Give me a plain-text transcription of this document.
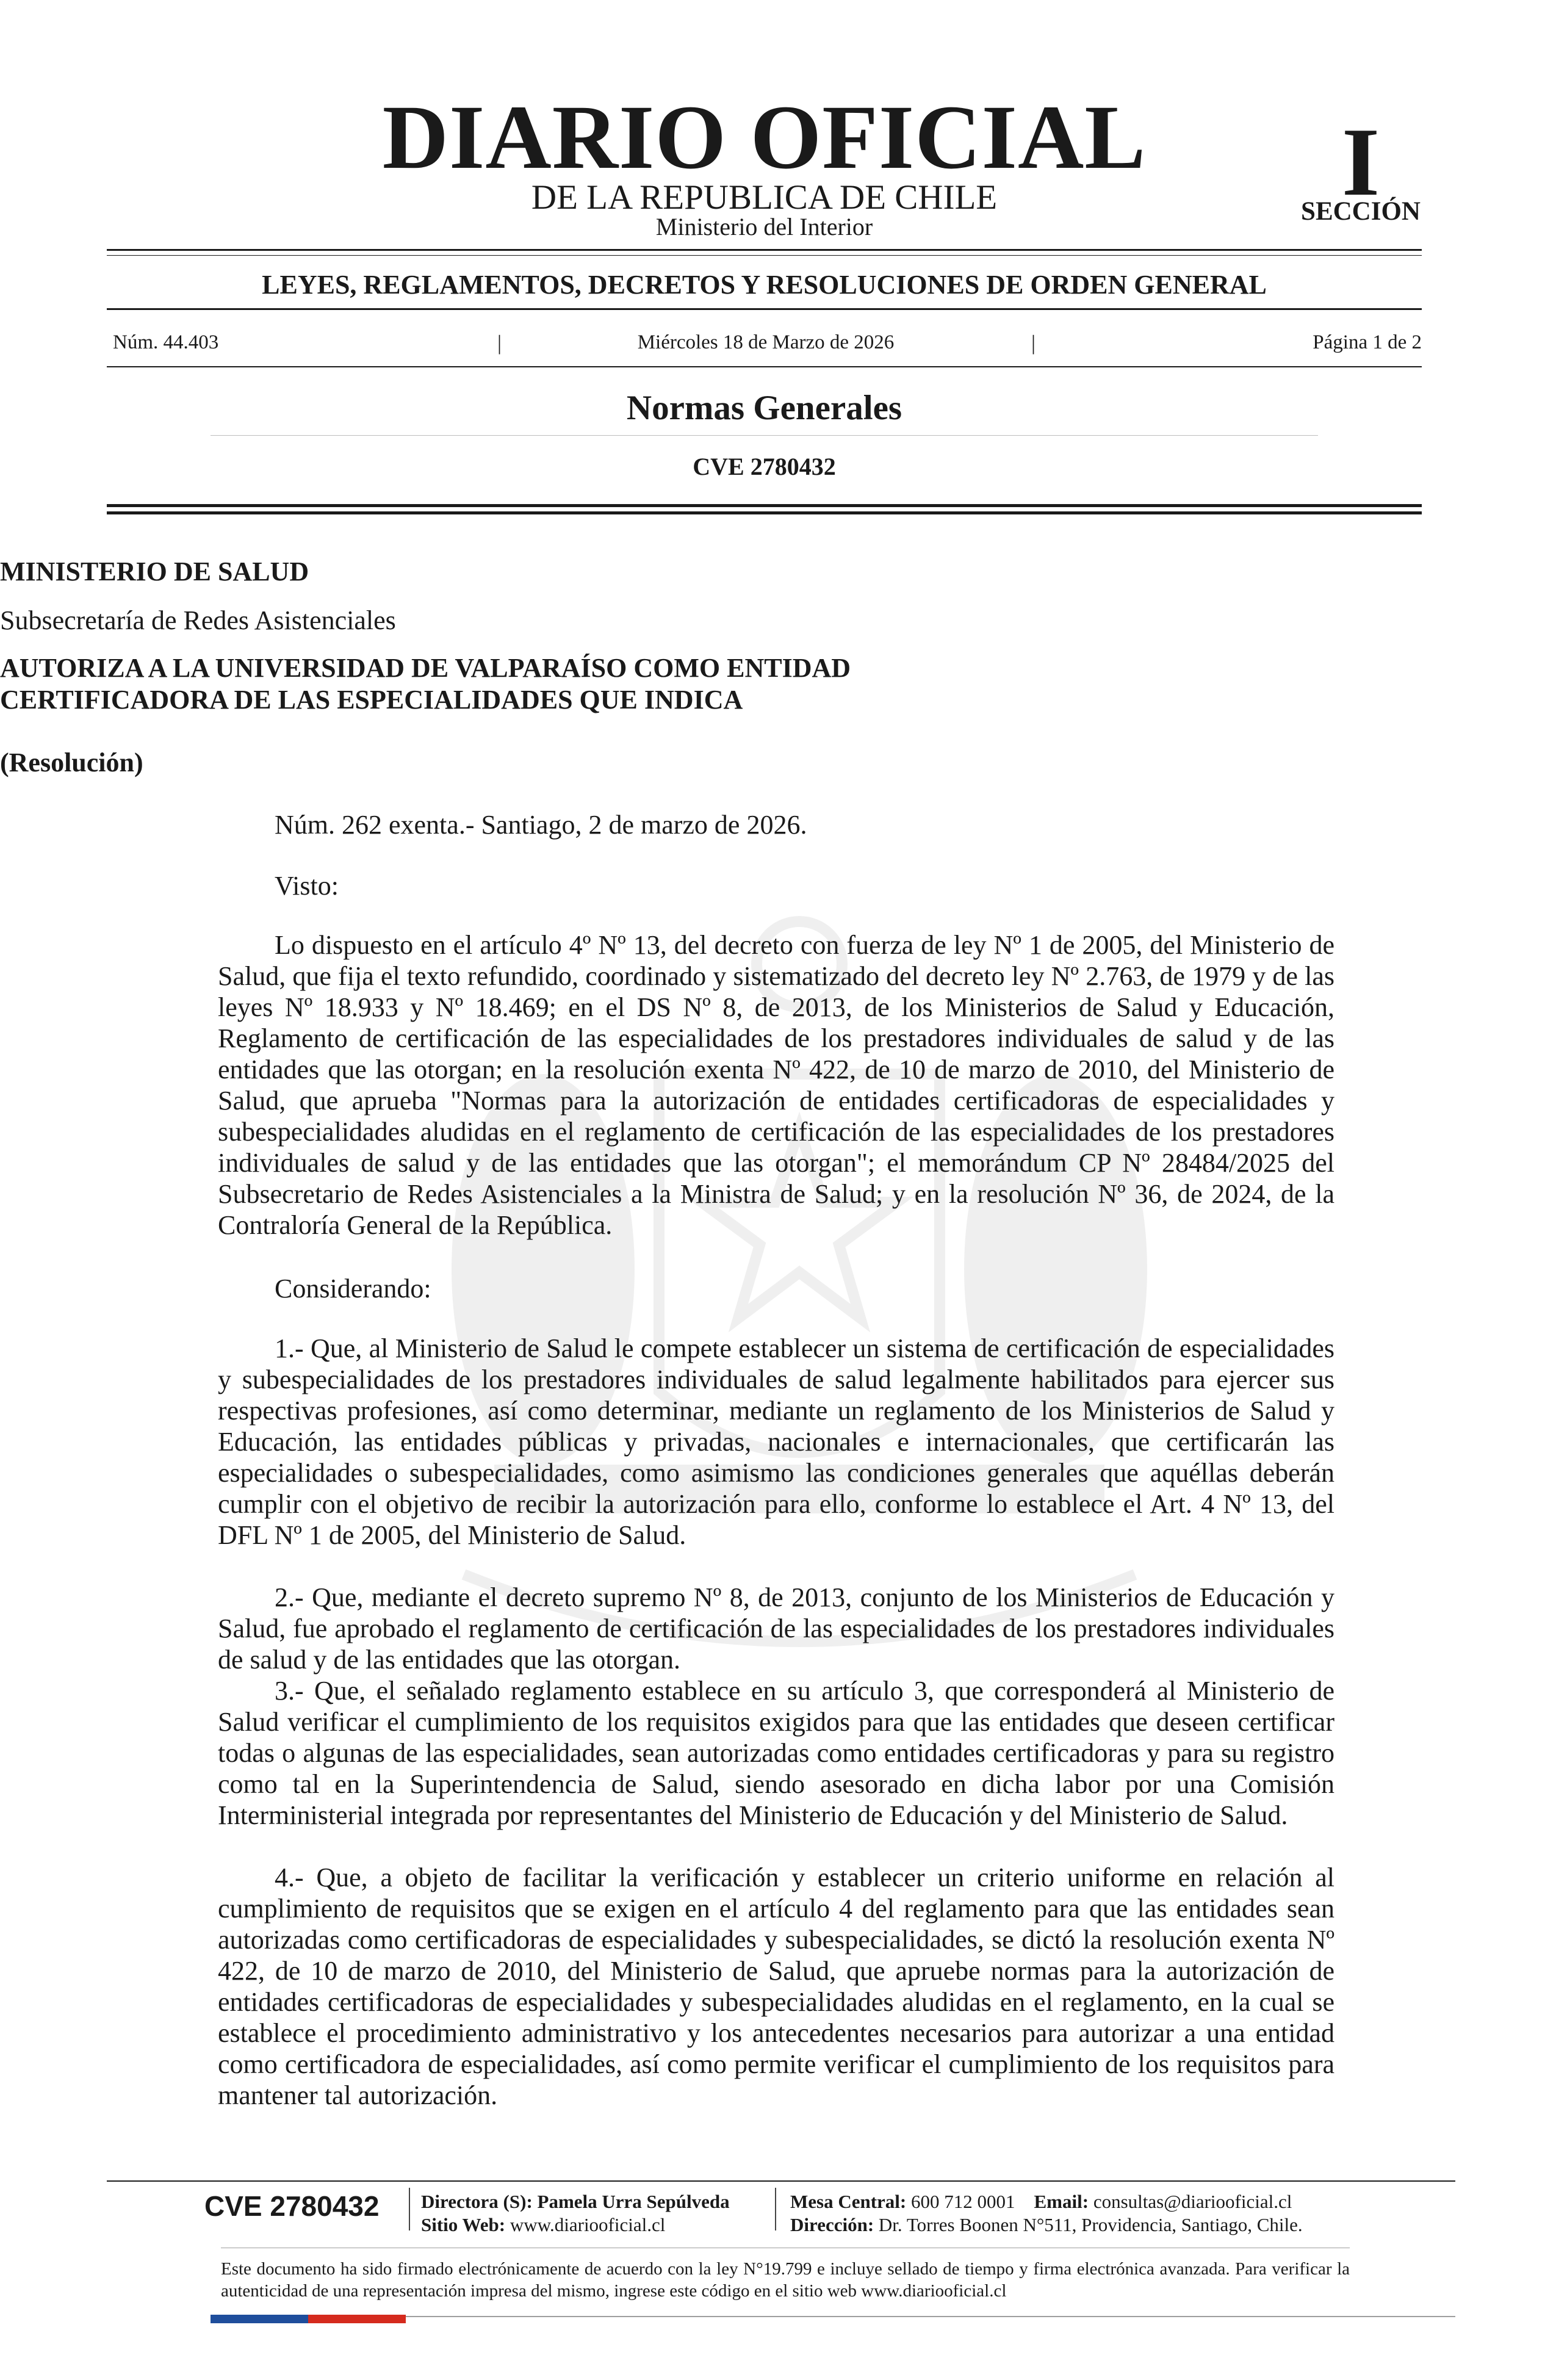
DIARIO OFICIAL
DE LA REPUBLICA DE CHILE
Ministerio del Interior
I
SECCIÓN
LEYES, REGLAMENTOS, DECRETOS Y RESOLUCIONES DE ORDEN GENERAL
Núm. 44.403	|	Miércoles 18 de Marzo de 2026	|	Página 1 de 2
Normas Generales
CVE 2780432
MINISTERIO DE SALUD
Subsecretaría de Redes Asistenciales
AUTORIZA A LA UNIVERSIDAD DE VALPARAÍSO COMO ENTIDAD
CERTIFICADORA DE LAS ESPECIALIDADES QUE INDICA
(Resolución)
Núm. 262 exenta.- Santiago, 2 de marzo de 2026.
Visto:

Lo dispuesto en el artículo 4º Nº 13, del decreto con fuerza de ley Nº 1 de 2005, del Ministerio de Salud, que fija el texto refundido, coordinado y sistematizado del decreto ley Nº 2.763, de 1979 y de las leyes Nº 18.933 y Nº 18.469; en el DS Nº 8, de 2013, de los Ministerios de Salud y Educación, Reglamento de certificación de las especialidades de los prestadores individuales de salud y de las entidades que las otorgan; en la resolución exenta Nº 422, de 10 de marzo de 2010, del Ministerio de Salud, que aprueba "Normas para la autorización de entidades certificadoras de especialidades y subespecialidades aludidas en el reglamento de certificación de las especialidades de los prestadores individuales de salud y de las entidades que las otorgan"; el memorándum CP Nº 28484/2025 del Subsecretario de Redes Asistenciales a la Ministra de Salud; y en la resolución Nº 36, de 2024, de la Contraloría General de la República.

Considerando:

1.- Que, al Ministerio de Salud le compete establecer un sistema de certificación de especialidades y subespecialidades de los prestadores individuales de salud legalmente habilitados para ejercer sus respectivas profesiones, así como determinar, mediante un reglamento de los Ministerios de Salud y Educación, las entidades públicas y privadas, nacionales e internacionales, que certificarán las especialidades o subespecialidades, como asimismo las condiciones generales que aquéllas deberán cumplir con el objetivo de recibir la autorización para ello, conforme lo establece el Art. 4 Nº 13, del DFL Nº 1 de 2005, del Ministerio de Salud.

2.- Que, mediante el decreto supremo Nº 8, de 2013, conjunto de los Ministerios de Educación y Salud, fue aprobado el reglamento de certificación de las especialidades de los prestadores individuales de salud y de las entidades que las otorgan.

3.- Que, el señalado reglamento establece en su artículo 3, que corresponderá al Ministerio de Salud verificar el cumplimiento de los requisitos exigidos para que las entidades que deseen certificar todas o algunas de las especialidades, sean autorizadas como entidades certificadoras y para su registro como tal en la Superintendencia de Salud, siendo asesorado en dicha labor por una Comisión Interministerial integrada por representantes del Ministerio de Educación y del Ministerio de Salud.

4.- Que, a objeto de facilitar la verificación y establecer un criterio uniforme en relación al cumplimiento de requisitos que se exigen en el artículo 4 del reglamento para que las entidades sean autorizadas como certificadoras de especialidades y subespecialidades, se dictó la resolución exenta Nº 422, de 10 de marzo de 2010, del Ministerio de Salud, que apruebe normas para la autorización de entidades certificadoras de especialidades y subespecialidades aludidas en el reglamento, en la cual se establece el procedimiento administrativo y los antecedentes necesarios para autorizar a una entidad como certificadora de especialidades, así como permite verificar el cumplimiento de los requisitos para mantener tal autorización.

CVE 2780432 Directora (S): Pamela Urra Sepúlveda
Sitio Web: www.diariooficial.cl
Mesa Central: 600 712 0001 Email: consultas@diariooficial.cl
Dirección: Dr. Torres Boonen N°511, Providencia, Santiago, Chile.

Este documento ha sido firmado electrónicamente de acuerdo con la ley N°19.799 e incluye sellado de tiempo y firma electrónica avanzada. Para verificar la autenticidad de una representación impresa del mismo, ingrese este código en el sitio web www.diariooficial.cl
